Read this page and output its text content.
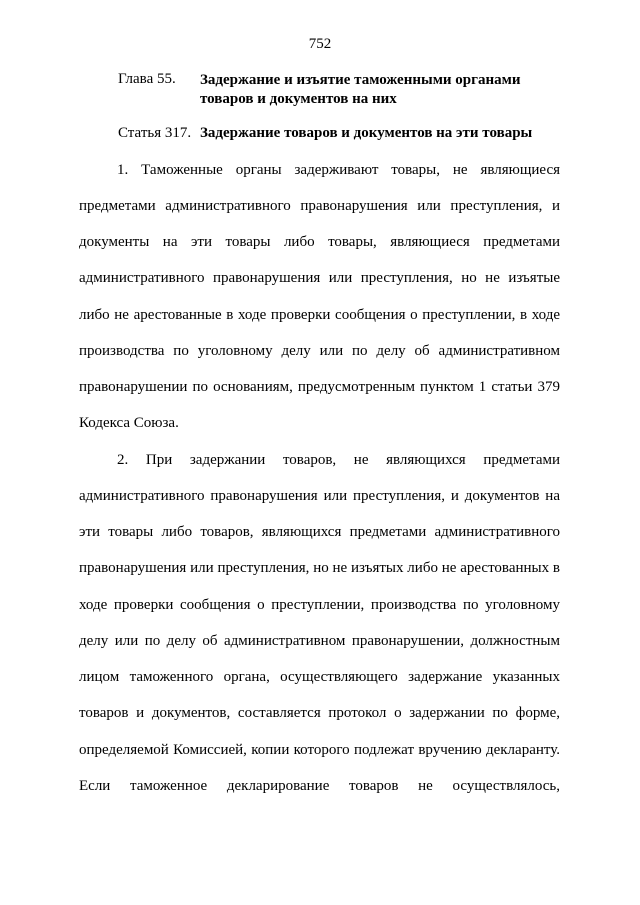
752
Глава 55. Задержание и изъятие таможенными органами
товаров и документов на них
Статья 317. Задержание товаров и документов на эти товары
1. Таможенные органы задерживают товары, не являющиеся
предметами административного правонарушения или преступления, и
документы на эти товары либо товары, являющиеся предметами
административного правонарушения или преступления, но не изъятые
либо не арестованные в ходе проверки сообщения о преступлении, в ходе
производства по уголовному делу или по делу об административном
правонарушении по основаниям, предусмотренным пунктом 1 статьи 379
Кодекса Союза.
2. При задержании товаров, не являющихся предметами
административного правонарушения или преступления, и документов на
эти товары либо товаров, являющихся предметами административного
правонарушения или преступления, но не изъятых либо не арестованных в
ходе проверки сообщения о преступлении, производства по уголовному
делу или по делу об административном правонарушении, должностным
лицом таможенного органа, осуществляющего задержание указанных
товаров и документов, составляется протокол о задержании по форме,
определяемой Комиссией, копии которого подлежат вручению декларанту.
Если таможенное декларирование товаров не осуществлялось,
